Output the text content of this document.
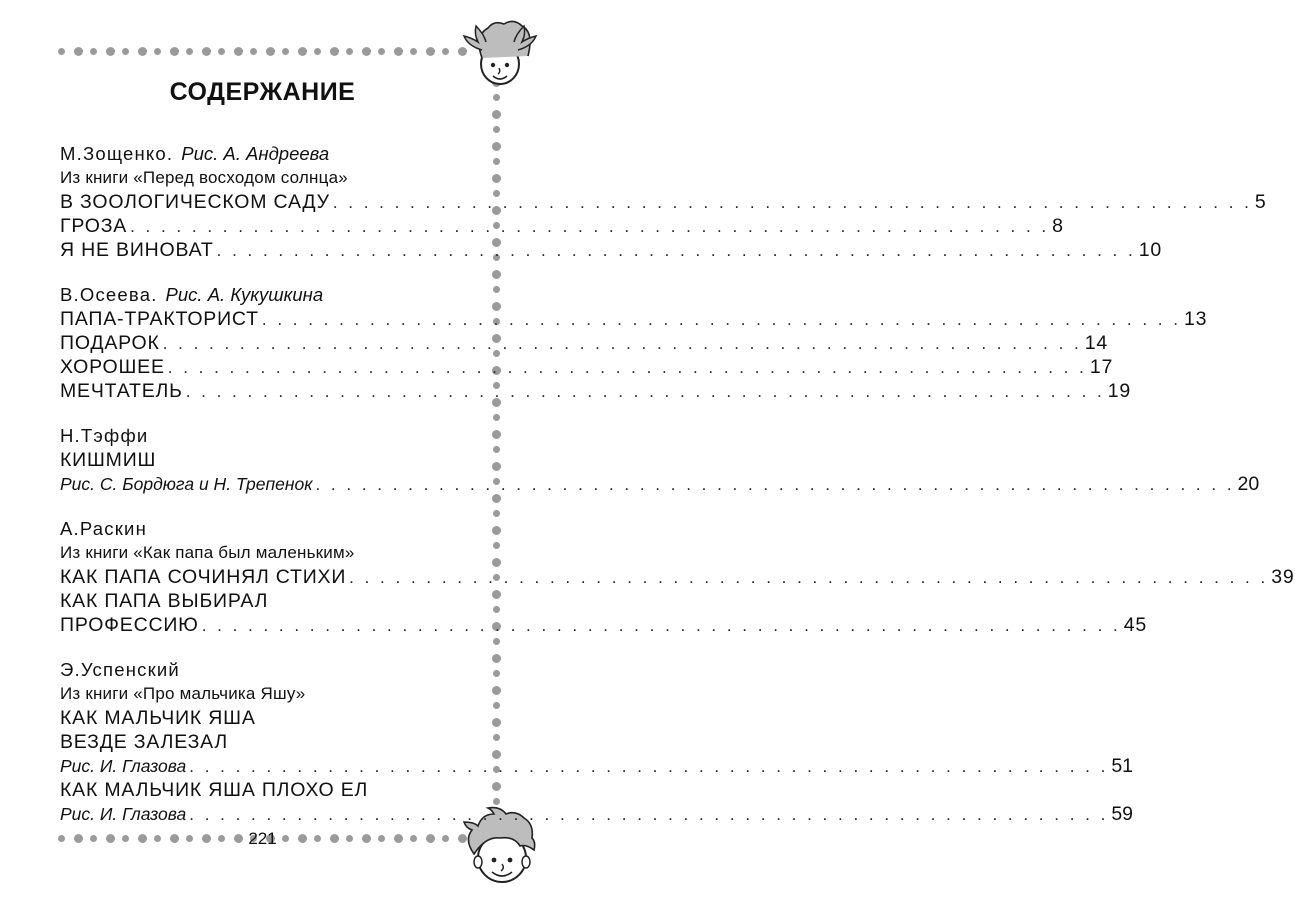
СОДЕРЖАНИЕ
М.Зощенко. Рис. А. Андреева
Из книги «Перед восходом солнца»
В ЗООЛОГИЧЕСКОМ САДУ . . . . . . . . . . . . . . . . . . . . . . . . . . . . . . . . . . . . . . . . . . . . . . . . . . . . . . . . . . . . 5
ГРОЗА . . . . . . . . . . . . . . . . . . . . . . . . . . . . . . . . . . . . . . . . . . . . . . . . . . . . . . . . . . . . 8
Я НЕ ВИНОВАТ . . . . . . . . . . . . . . . . . . . . . . . . . . . . . . . . . . . . . . . . . . . . . . . . . . . . . . . . . . . . 10
В.Осеева. Рис. А. Кукушкина
ПАПА-ТРАКТОРИСТ . . . . . . . . . . . . . . . . . . . . . . . . . . . . . . . . . . . . . . . . . . . . . . . . . . . . . . . . . . . . 13
ПОДАРОК . . . . . . . . . . . . . . . . . . . . . . . . . . . . . . . . . . . . . . . . . . . . . . . . . . . . . . . . . . . . 14
ХОРОШЕЕ . . . . . . . . . . . . . . . . . . . . . . . . . . . . . . . . . . . . . . . . . . . . . . . . . . . . . . . . . . . . 17
МЕЧТАТЕЛЬ . . . . . . . . . . . . . . . . . . . . . . . . . . . . . . . . . . . . . . . . . . . . . . . . . . . . . . . . . . . . 19
Н.Тэффи
КИШМИШ
Рис. С. Бордюга и Н. Трепенок . . . . . . . . . . . . . . . . . . . . . . . . . . . . . . . . . . . . . . . . . . . . . . . . . . . . . . . . . . . . 20
А.Раскин
Из книги «Как папа был маленьким»
КАК ПАПА СОЧИНЯЛ СТИХИ . . . . . . . . . . . . . . . . . . . . . . . . . . . . . . . . . . . . . . . . . . . . . . . . . . . . . . . . . . . . 39
КАК ПАПА ВЫБИРАЛ
ПРОФЕССИЮ . . . . . . . . . . . . . . . . . . . . . . . . . . . . . . . . . . . . . . . . . . . . . . . . . . . . . . . . . . . . 45
Э.Успенский
Из книги «Про мальчика Яшу»
КАК МАЛЬЧИК ЯША
ВЕЗДЕ ЗАЛЕЗАЛ
Рис. И. Глазова . . . . . . . . . . . . . . . . . . . . . . . . . . . . . . . . . . . . . . . . . . . . . . . . . . . . . . . . . . . . 51
КАК МАЛЬЧИК ЯША ПЛОХО ЕЛ
Рис. И. Глазова . . . . . . . . . . . . . . . . . . . . . . . . . . . . . . . . . . . . . . . . . . . . . . . . . . . . . . . . . . . . 59
221
